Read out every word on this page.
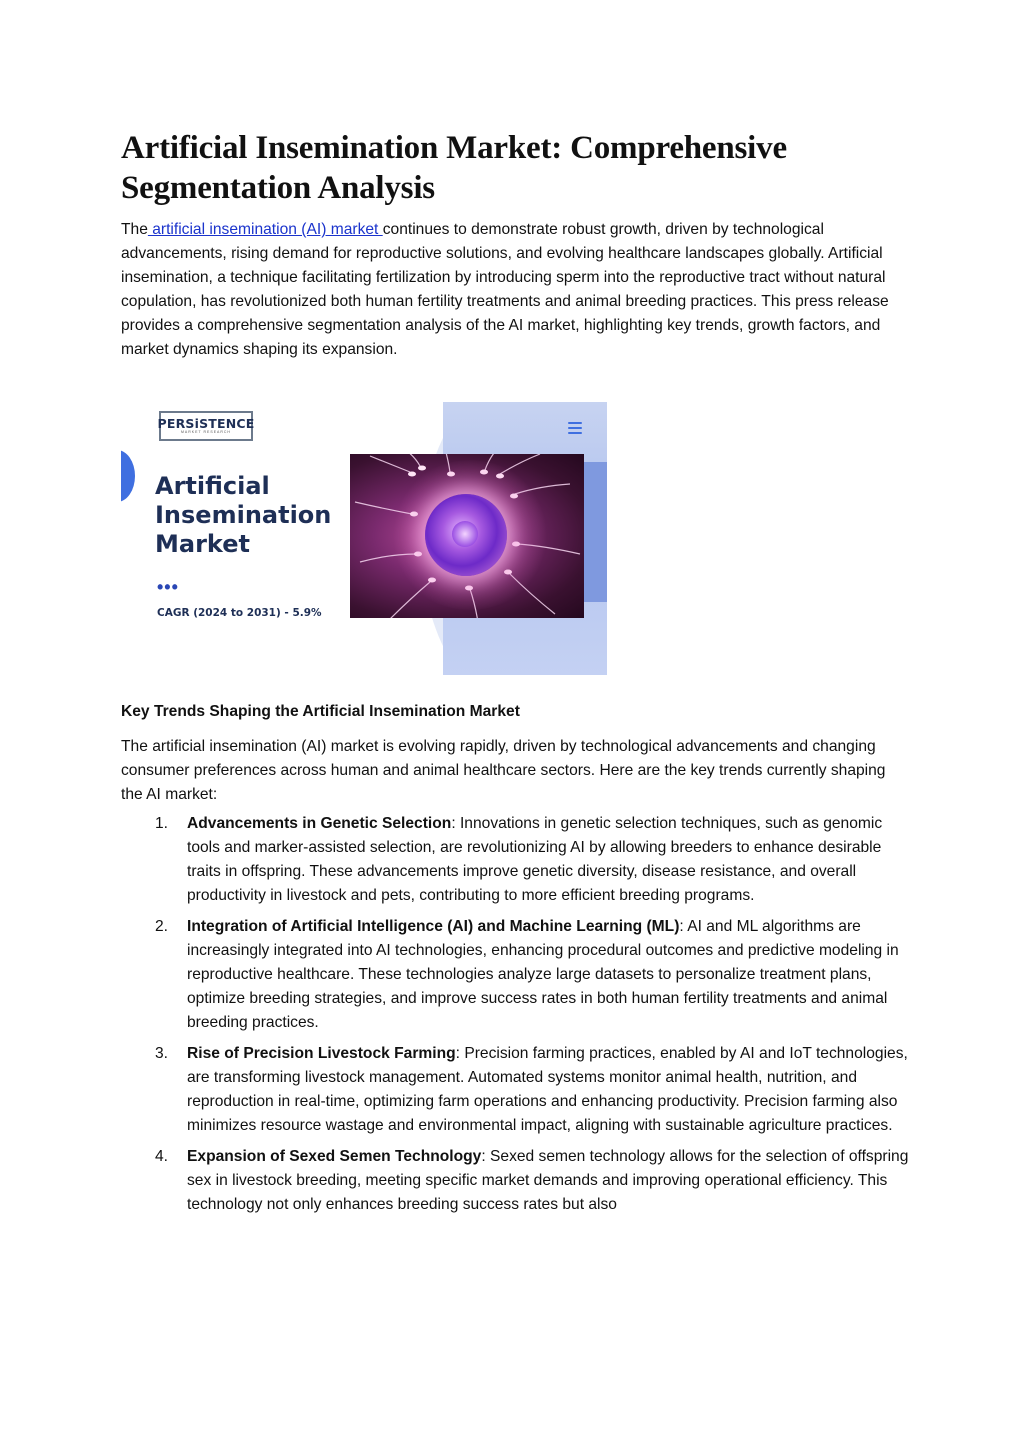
Artificial Insemination Market: Comprehensive
Segmentation Analysis

The artificial insemination (AI) market continues to demonstrate robust growth, driven by technological advancements, rising demand for reproductive solutions, and evolving healthcare landscapes globally. Artificial insemination, a technique facilitating fertilization by introducing sperm into the reproductive tract without natural copulation, has revolutionized both human fertility treatments and animal breeding practices. This press release provides a comprehensive segmentation analysis of the AI market, highlighting key trends, growth factors, and market dynamics shaping its expansion.

PERSiSTENCE
MARKET RESEARCH
Artificial
Insemination
Market
•••
CAGR (2024 to 2031) - 5.9%
Key Trends Shaping the Artificial Insemination Market

The artificial insemination (AI) market is evolving rapidly, driven by technological advancements and changing consumer preferences across human and animal healthcare sectors. Here are the key trends currently shaping the AI market:

1. Advancements in Genetic Selection: Innovations in genetic selection techniques, such as genomic tools and marker-assisted selection, are revolutionizing AI by allowing breeders to enhance desirable traits in offspring. These advancements improve genetic diversity, disease resistance, and overall productivity in livestock and pets, contributing to more efficient breeding programs.
2. Integration of Artificial Intelligence (AI) and Machine Learning (ML): AI and ML algorithms are increasingly integrated into AI technologies, enhancing procedural outcomes and predictive modeling in reproductive healthcare. These technologies analyze large datasets to personalize treatment plans, optimize breeding strategies, and improve success rates in both human fertility treatments and animal breeding practices.
3. Rise of Precision Livestock Farming: Precision farming practices, enabled by AI and IoT technologies, are transforming livestock management. Automated systems monitor animal health, nutrition, and reproduction in real-time, optimizing farm operations and enhancing productivity. Precision farming also minimizes resource wastage and environmental impact, aligning with sustainable agriculture practices.
4. Expansion of Sexed Semen Technology: Sexed semen technology allows for the selection of offspring sex in livestock breeding, meeting specific market demands and improving operational efficiency. This technology not only enhances breeding success rates but also
